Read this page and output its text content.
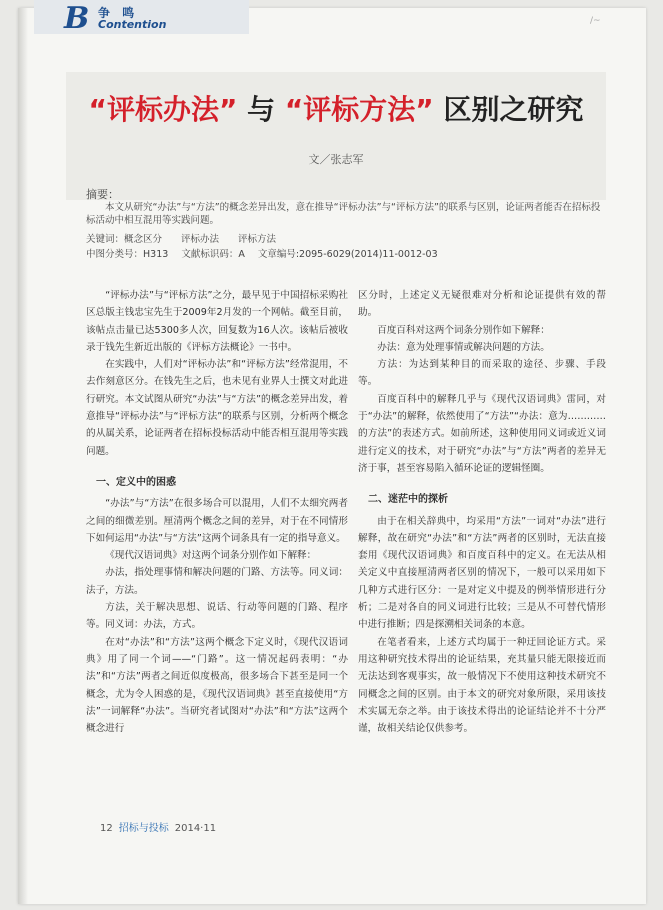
B 争 鸣
Contention	/~
“评标办法” 与 “评标方法” 区别之研究
文／张志军
摘要：
  本文从研究“办法”与“方法”的概念差异出发，意在推导“评标办法”与“评标方法”的联系与区别，论证两者能否在招标投标活动中相互混用等实践问题。
关键词：概念区分　　评标办法　　评标方法
中图分类号：H313 文献标识码：A 文章编号:2095-6029(2014)11-0012-03

“评标办法”与“评标方法”之分，最早见于中国招标采购社区总版主钱忠宝先生于2009年2月发的一个网帖。截至目前，该帖点击量已达5300多人次，回复数为16人次。该帖后被收录于钱先生新近出版的《评标方法概论》一书中。

在实践中，人们对“评标办法”和“评标方法”经常混用，不去作刻意区分。在钱先生之后，也未见有业界人士撰文对此进行研究。本文试图从研究“办法”与“方法”的概念差异出发，着意推导“评标办法”与“评标方法”的联系与区别，分析两个概念的从属关系，论证两者在招标投标活动中能否相互混用等实践问题。

一、定义中的困惑

“办法”与“方法”在很多场合可以混用，人们不太细究两者之间的细微差别。厘清两个概念之间的差异，对于在不同情形下如何运用“办法”与“方法”这两个词条具有一定的指导意义。

《现代汉语词典》对这两个词条分别作如下解释：

办法，指处理事情和解决问题的门路、方法等。同义词：法子，方法。

方法，关于解决思想、说话、行动等问题的门路、程序等。同义词：办法，方式。

在对“办法”和“方法”这两个概念下定义时，《现代汉语词典》用了同一个词——“门路”。这一情况起码表明：“办法”和“方法”两者之间近似度极高，很多场合下甚至是同一个概念，尤为令人困惑的是，《现代汉语词典》甚至直接使用“方法”一词解释“办法”。当研究者试图对“办法”和“方法”这两个概念进行

区分时，上述定义无疑很难对分析和论证提供有效的帮助。

百度百科对这两个词条分别作如下解释：

办法：意为处理事情或解决问题的方法。

方法：为达到某种目的而采取的途径、步骤、手段等。

百度百科中的解释几乎与《现代汉语词典》雷同，对于“办法”的解释，依然使用了“方法”“办法：意为…………的方法”的表述方式。如前所述，这种使用同义词或近义词进行定义的技术，对于研究“办法”与“方法”两者的差异无济于事，甚至容易陷入循环论证的逻辑怪圈。

二、迷茫中的探析

由于在相关辞典中，均采用“方法”一词对“办法”进行解释，故在研究“办法”和“方法”两者的区别时，无法直接套用《现代汉语词典》和百度百科中的定义。在无法从相关定义中直接厘清两者区别的情况下，一般可以采用如下几种方式进行区分：一是对定义中提及的例举情形进行分析；二是对各自的同义词进行比较；三是从不可替代情形中进行推断；四是探溯相关词条的本意。

在笔者看来，上述方式均属于一种迂回论证方式。采用这种研究技术得出的论证结果，充其量只能无限接近而无法达到客观事实，故一般情况下不使用这种技术研究不同概念之间的区别。由于本文的研究对象所限，采用该技术实属无奈之举。由于该技术得出的论证结论并不十分严谨，故相关结论仅供参考。

12 招标与投标 2014·11
